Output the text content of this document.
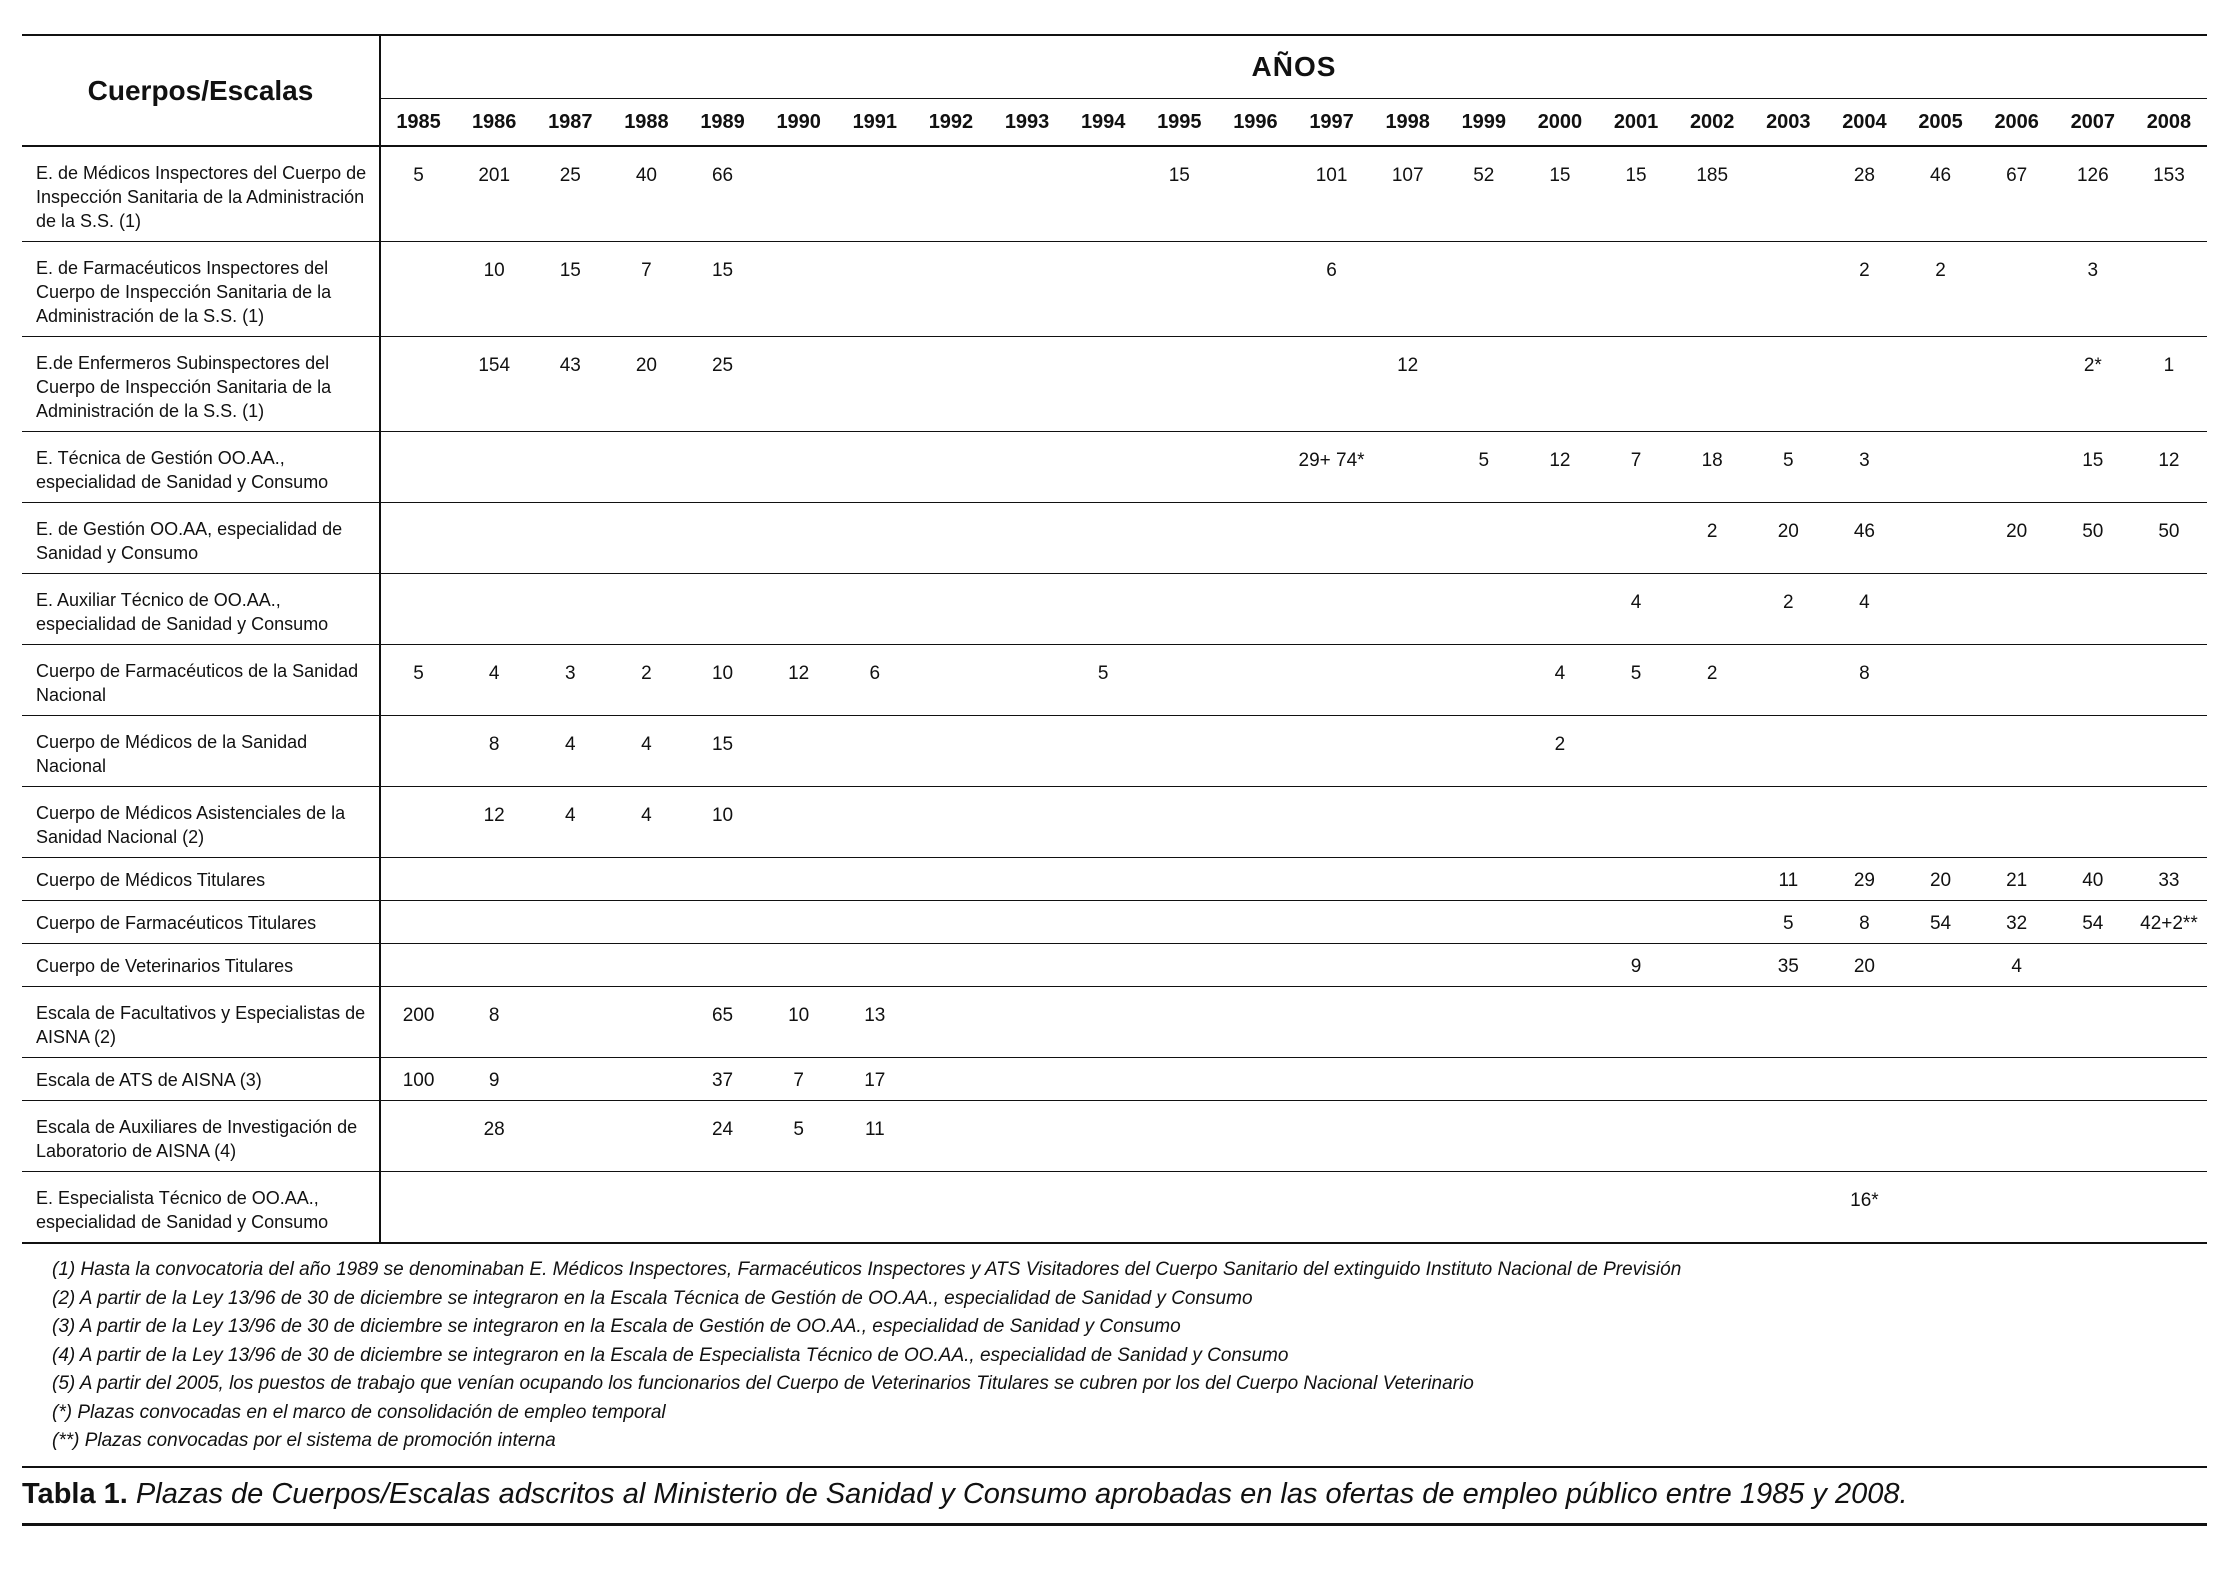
Cuerpos/Escalas	AÑOS																							
	1985	1986	1987	1988	1989	1990	1991	1992	1993	1994	1995	1996	1997	1998	1999	2000	2001	2002	2003	2004	2005	2006	2007	2008
E. de Médicos Inspectores del Cuerpo de Inspección Sanitaria de la Administración de la S.S. (1)	5	201	25	40	66						15		101	107	52	15	15	185		28	46	67	126	153
E. de Farmacéuticos Inspectores del Cuerpo de Inspección Sanitaria de la Administración de la S.S. (1)		10	15	7	15								6							2	2		3	
E.de Enfermeros Subinspectores del Cuerpo de Inspección Sanitaria de la Administración de la S.S. (1)		154	43	20	25									12									2*	1
E. Técnica de Gestión OO.AA., especialidad de Sanidad y Consumo													29+ 74*		5	12	7	18	5	3			15	12
E. de Gestión OO.AA, especialidad de Sanidad y Consumo																		2	20	46		20	50	50
E. Auxiliar Técnico de OO.AA., especialidad de Sanidad y Consumo																	4		2	4				
Cuerpo de Farmacéuticos de la Sanidad Nacional	5	4	3	2	10	12	6			5						4	5	2		8				
Cuerpo de Médicos de la Sanidad Nacional		8	4	4	15											2								
Cuerpo de Médicos Asistenciales de la Sanidad Nacional (2)		12	4	4	10																			
Cuerpo de Médicos Titulares																			11	29	20	21	40	33
Cuerpo de Farmacéuticos Titulares																			5	8	54	32	54	42+2**
Cuerpo de Veterinarios Titulares																	9		35	20		4		
Escala de Facultativos y Especialistas de AISNA (2)	200	8			65	10	13																	
Escala de ATS de AISNA (3)	100	9			37	7	17																	
Escala de Auxiliares de Investigación de Laboratorio de AISNA (4)		28			24	5	11																	
E. Especialista Técnico de OO.AA., especialidad de Sanidad y Consumo																				16*				
(1) Hasta la convocatoria del año 1989 se denominaban E. Médicos Inspectores, Farmacéuticos Inspectores y ATS Visitadores del Cuerpo Sanitario del extinguido Instituto Nacional de Previsión
(2) A partir de la Ley 13/96 de 30 de diciembre se integraron en la Escala Técnica de Gestión de OO.AA., especialidad de Sanidad y Consumo
(3) A partir de la Ley 13/96 de 30 de diciembre se integraron en la Escala de Gestión de OO.AA., especialidad de Sanidad y Consumo
(4) A partir de la Ley 13/96 de 30 de diciembre se integraron en la Escala de Especialista Técnico de OO.AA., especialidad de Sanidad y Consumo
(5) A partir del 2005, los puestos de trabajo que venían ocupando los funcionarios del Cuerpo de Veterinarios Titulares se cubren por los del Cuerpo Nacional Veterinario
(*) Plazas convocadas en el marco de consolidación de empleo temporal
(**) Plazas convocadas por el sistema de promoción interna
Tabla 1. Plazas de Cuerpos/Escalas adscritos al Ministerio de Sanidad y Consumo aprobadas en las ofertas de empleo público entre 1985 y 2008.
